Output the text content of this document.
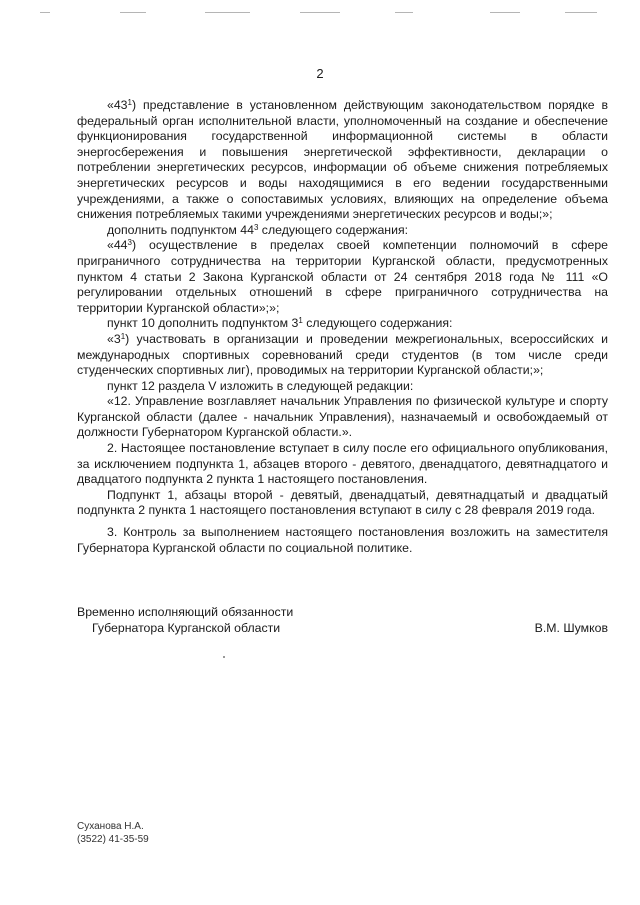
2

«$43^1$) представление в установленном действующим законодательством порядке в федеральный орган исполнительной власти, уполномоченный на создание и обеспечение функционирования государственной информационной системы в области энергосбережения и повышения энергетической эффективности, декларации о потреблении энергетических ресурсов, информации об объеме снижения потребляемых энергетических ресурсов и воды находящимися в его ведении государственными учреждениями, а также о сопоставимых условиях, влияющих на определение объема снижения потребляемых такими учреждениями энергетических ресурсов и воды;»;

дополнить подпунктом $44^3$ следующего содержания:

«$44^3$) осуществление в пределах своей компетенции полномочий в сфере приграничного сотрудничества на территории Курганской области, предусмотренных пунктом 4 статьи 2 Закона Курганской области от 24 сентября 2018 года № 111 «О регулировании отдельных отношений в сфере приграничного сотрудничества на территории Курганской области»;»;

пункт 10 дополнить подпунктом $3^1$ следующего содержания:

«$3^1$) участвовать в организации и проведении межрегиональных, всероссийских и международных спортивных соревнований среди студентов (в том числе среди студенческих спортивных лиг), проводимых на территории Курганской области;»;

пункт 12 раздела V изложить в следующей редакции:

«12. Управление возглавляет начальник Управления по физической культуре и спорту Курганской области (далее - начальник Управления), назначаемый и освобождаемый от должности Губернатором Курганской области.».

2. Настоящее постановление вступает в силу после его официального опубликования, за исключением подпункта 1, абзацев второго - девятого, двенадцатого, девятнадцатого и двадцатого подпункта 2 пункта 1 настоящего постановления.

Подпункт 1, абзацы второй - девятый, двенадцатый, девятнадцатый и двадцатый подпункта 2 пункта 1 настоящего постановления вступают в силу с 28 февраля 2019 года.

3. Контроль за выполнением настоящего постановления возложить на заместителя Губернатора Курганской области по социальной политике.

Временно исполняющий обязанности
Губернатора Курганской области	В.М. Шумков
Суханова Н.А.
(3522) 41-35-59
